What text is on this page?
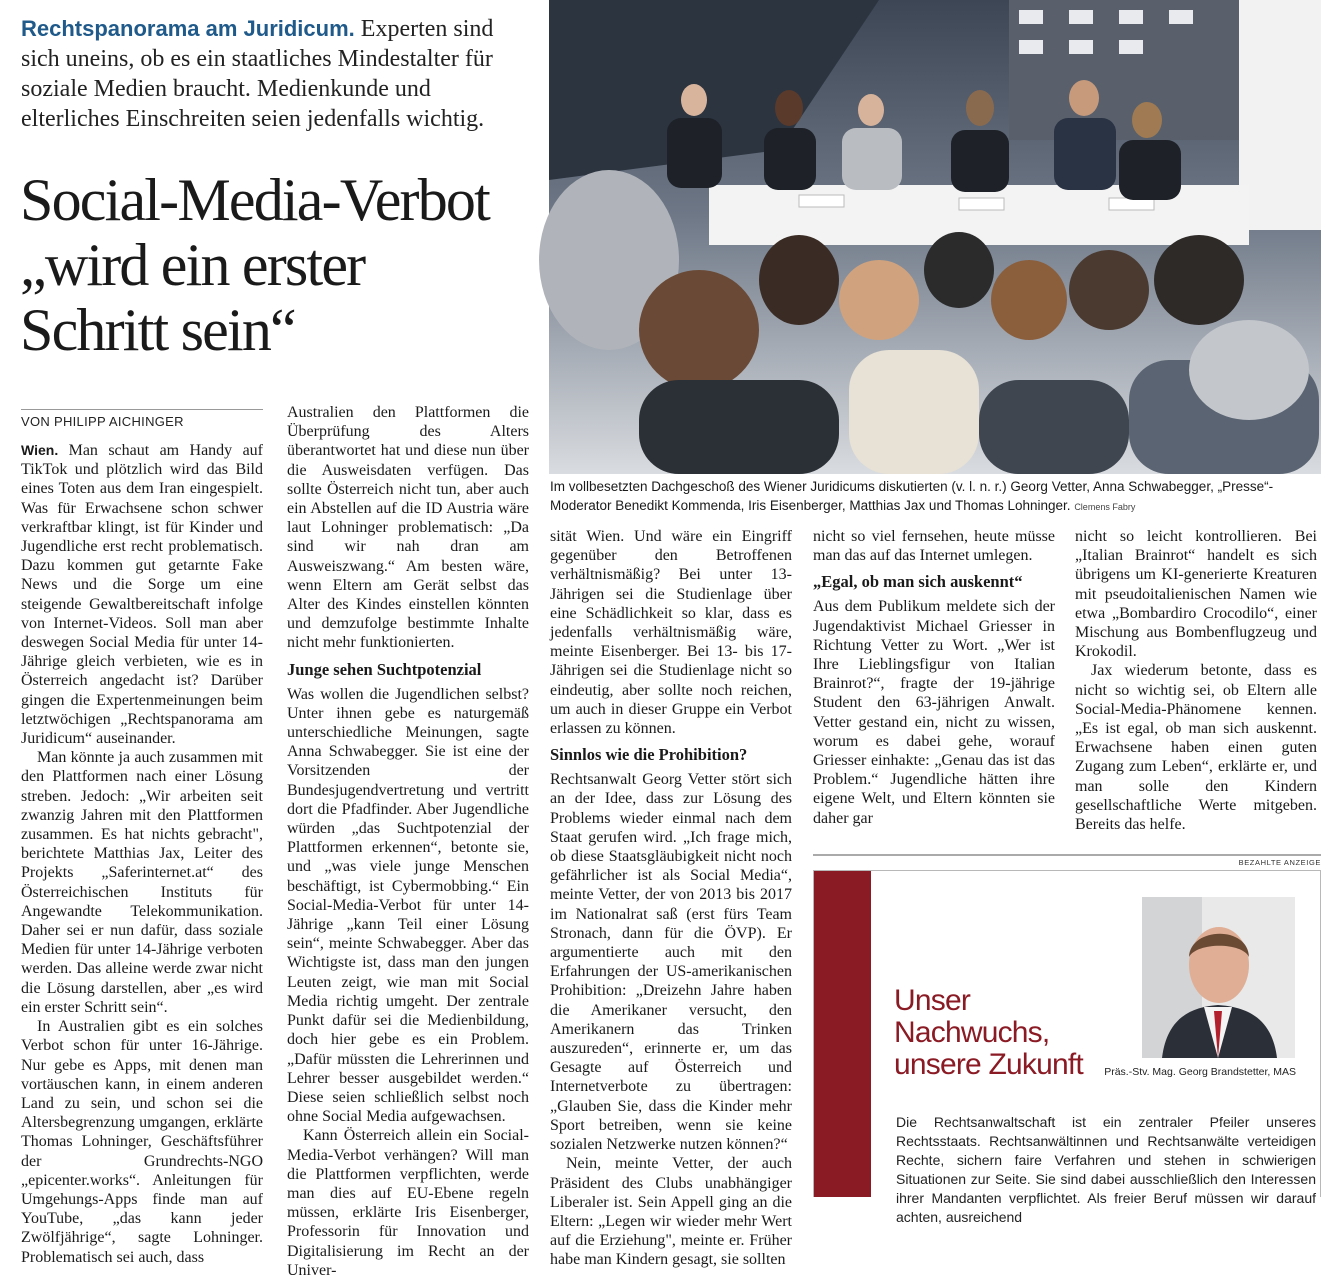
Rechtspanorama am Juridicum. Experten sind sich uneins, ob es ein staatliches Mindestalter für soziale Medien braucht. Medienkunde und elterliches Einschreiten seien jedenfalls wichtig.
Social-Media-Verbot
„wird ein erster
Schritt sein“
VON PHILIPP AICHINGER
Im vollbesetzten Dachgeschoß des Wiener Juridicums diskutierten (v. l. n. r.) Georg Vetter, Anna Schwabegger, „Presse“-Moderator Benedikt Kommenda, Iris Eisenberger, Matthias Jax und Thomas Lohninger. Clemens Fabry

Wien. Man schaut am Handy auf TikTok und plötzlich wird das Bild eines Toten aus dem Iran eingespielt. Was für Erwachsene schon schwer verkraftbar klingt, ist für Kinder und Jugendliche erst recht problematisch. Dazu kommen gut getarnte Fake News und die Sorge um eine steigende Gewaltbereitschaft infolge von Internet-Videos. Soll man aber deswegen Social Media für unter 14-Jährige gleich verbieten, wie es in Österreich angedacht ist? Darüber gingen die Expertenmeinungen beim letztwöchigen „Rechtspanorama am Juridicum“ auseinander.

Man könnte ja auch zusammen mit den Plattformen nach einer Lösung streben. Jedoch: „Wir arbeiten seit zwanzig Jahren mit den Plattformen zusammen. Es hat nichts gebracht", berichtete Matthias Jax, Leiter des Projekts „Saferinternet.at“ des Österreichischen Instituts für Angewandte Telekommunikation. Daher sei er nun dafür, dass soziale Medien für unter 14-Jährige verboten werden. Das alleine werde zwar nicht die Lösung darstellen, aber „es wird ein erster Schritt sein“.

In Australien gibt es ein solches Verbot schon für unter 16-Jährige. Nur gebe es Apps, mit denen man vortäuschen kann, in einem anderen Land zu sein, und schon sei die Altersbegrenzung umgangen, erklärte Thomas Lohninger, Geschäftsführer der Grundrechts-NGO „epicenter.works“. Anleitungen für Umgehungs-Apps finde man auf YouTube, „das kann jeder Zwölfjährige“, sagte Lohninger. Problematisch sei auch, dass

Australien den Plattformen die Überprüfung des Alters überantwortet hat und diese nun über die Ausweisdaten verfügen. Das sollte Österreich nicht tun, aber auch ein Abstellen auf die ID Austria wäre laut Lohninger problematisch: „Da sind wir nah dran am Ausweiszwang.“ Am besten wäre, wenn Eltern am Gerät selbst das Alter des Kindes einstellen könnten und demzufolge bestimmte Inhalte nicht mehr funktionierten.

Junge sehen Suchtpotenzial

Was wollen die Jugendlichen selbst? Unter ihnen gebe es naturgemäß unterschiedliche Meinungen, sagte Anna Schwabegger. Sie ist eine der Vorsitzenden der Bundesjugendvertretung und vertritt dort die Pfadfinder. Aber Jugendliche würden „das Suchtpotenzial der Plattformen erkennen“, betonte sie, und „was viele junge Menschen beschäftigt, ist Cybermobbing.“ Ein Social-Media-Verbot für unter 14-Jährige „kann Teil einer Lösung sein“, meinte Schwabegger. Aber das Wichtigste ist, dass man den jungen Leuten zeigt, wie man mit Social Media richtig umgeht. Der zentrale Punkt dafür sei die Medienbildung, doch hier gebe es ein Problem. „Dafür müssten die Lehrerinnen und Lehrer besser ausgebildet werden.“ Diese seien schließlich selbst noch ohne Social Media aufgewachsen.

Kann Österreich allein ein Social-Media-Verbot verhängen? Will man die Plattformen verpflichten, werde man dies auf EU-Ebene regeln müssen, erklärte Iris Eisenberger, Professorin für Innovation und Digitalisierung im Recht an der Univer-

sität Wien. Und wäre ein Eingriff gegenüber den Betroffenen verhältnismäßig? Bei unter 13-Jährigen sei die Studienlage über eine Schädlichkeit so klar, dass es jedenfalls verhältnismäßig wäre, meinte Eisenberger. Bei 13- bis 17-Jährigen sei die Studienlage nicht so eindeutig, aber sollte noch reichen, um auch in dieser Gruppe ein Verbot erlassen zu können.

Sinnlos wie die Prohibition?

Rechtsanwalt Georg Vetter stört sich an der Idee, dass zur Lösung des Problems wieder einmal nach dem Staat gerufen wird. „Ich frage mich, ob diese Staatsgläubigkeit nicht noch gefährlicher ist als Social Media“, meinte Vetter, der von 2013 bis 2017 im Nationalrat saß (erst fürs Team Stronach, dann für die ÖVP). Er argumentierte auch mit den Erfahrungen der US-amerikanischen Prohibition: „Dreizehn Jahre haben die Amerikaner versucht, den Amerikanern das Trinken auszureden“, erinnerte er, um das Gesagte auf Österreich und Internetverbote zu übertragen: „Glauben Sie, dass die Kinder mehr Sport betreiben, wenn sie keine sozialen Netzwerke nutzen können?“

Nein, meinte Vetter, der auch Präsident des Clubs unabhängiger Liberaler ist. Sein Appell ging an die Eltern: „Legen wir wieder mehr Wert auf die Erziehung", meinte er. Früher habe man Kindern gesagt, sie sollten

nicht so viel fernsehen, heute müsse man das auf das Internet umlegen.

„Egal, ob man sich auskennt“

Aus dem Publikum meldete sich der Jugendaktivist Michael Griesser in Richtung Vetter zu Wort. „Wer ist Ihre Lieblingsfigur von Italian Brainrot?“, fragte der 19-jährige Student den 63-jährigen Anwalt. Vetter gestand ein, nicht zu wissen, worum es dabei gehe, worauf Griesser einhakte: „Genau das ist das Problem.“ Jugendliche hätten ihre eigene Welt, und Eltern könnten sie daher gar

nicht so leicht kontrollieren. Bei „Italian Brainrot“ handelt es sich übrigens um KI-generierte Kreaturen mit pseudoitalienischen Namen wie etwa „Bombardiro Crocodilo“, einer Mischung aus Bombenflugzeug und Krokodil.

Jax wiederum betonte, dass es nicht so wichtig sei, ob Eltern alle Social-Media-Phänomene kennen. „Es ist egal, ob man sich auskennt. Erwachsene haben einen guten Zugang zum Leben“, erklärte er, und man solle den Kindern gesellschaftliche Werte mitgeben. Bereits das helfe.

BEZAHLTE ANZEIGE
Unser
Nachwuchs,
unsere Zukunft	Präs.-Stv. Mag. Georg Brandstetter, MAS
Die Rechtsanwaltschaft ist ein zentraler Pfeiler unseres Rechtsstaats. Rechtsanwältinnen und Rechtsanwälte verteidigen Rechte, sichern faire Verfahren und stehen in schwierigen Situationen zur Seite. Sie sind dabei ausschließlich den Interessen ihrer Mandanten verpflichtet. Als freier Beruf müssen wir darauf achten, ausreichend
